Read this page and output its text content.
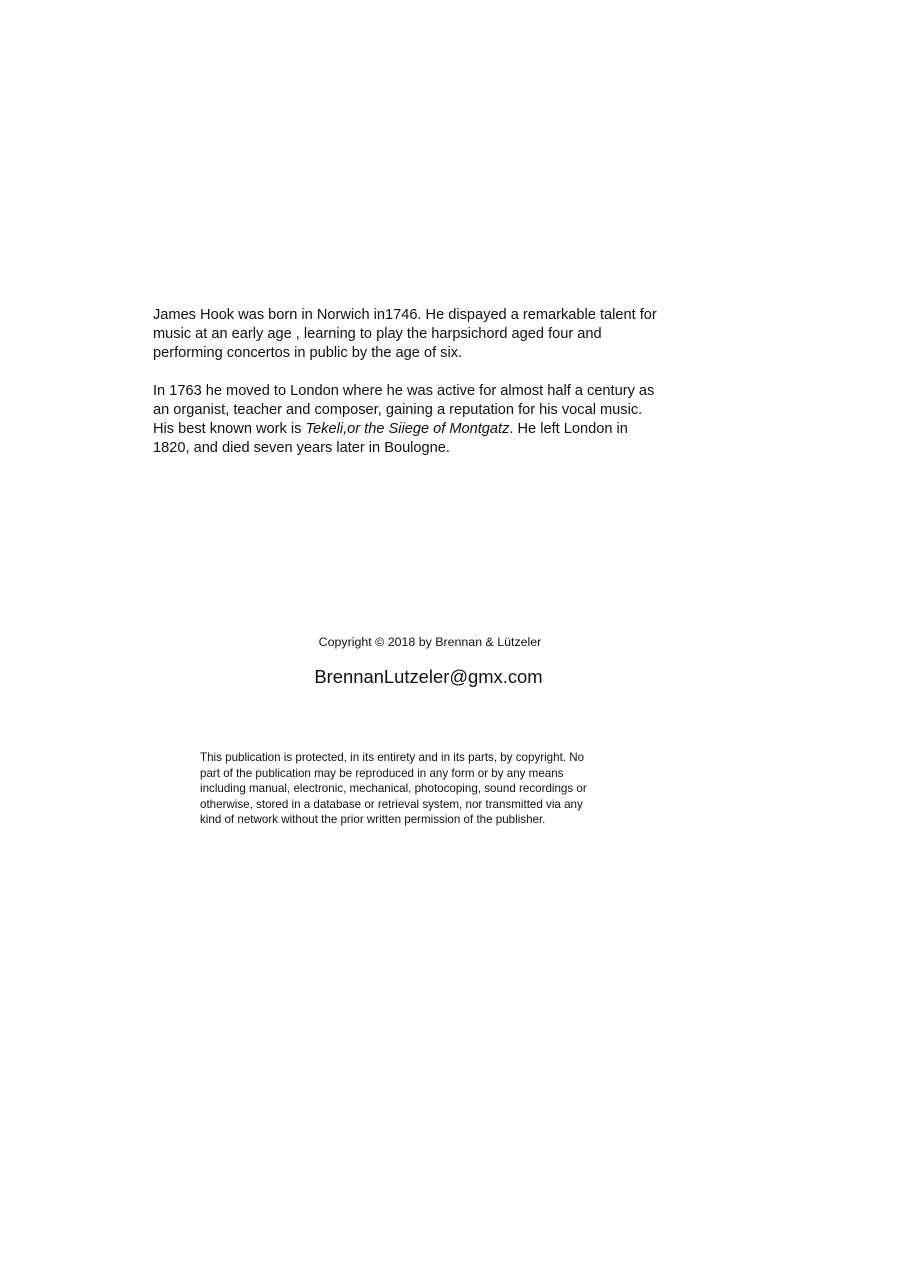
James Hook was born in Norwich in1746. He dispayed a remarkable talent for
music at an early age , learning to play the harpsichord aged four and
performing concertos in public by the age of six.

In 1763 he moved to London where he was active for almost half a century as
an organist, teacher and composer, gaining a reputation for his vocal music.
His best known work is Tekeli,or the Siiege of Montgatz. He left London in
1820, and died seven years later in Boulogne.

Copyright © 2018 by Brennan & Lützeler
BrennanLutzeler@gmx.com
This publication is protected, in its entirety and in its parts, by copyright. No
part of the publication may be reproduced in any form or by any means
including manual, electronic, mechanical, photocoping, sound recordings or
otherwise, stored in a database or retrieval system, nor transmitted via any
kind of network without the prior written permission of the publisher.
